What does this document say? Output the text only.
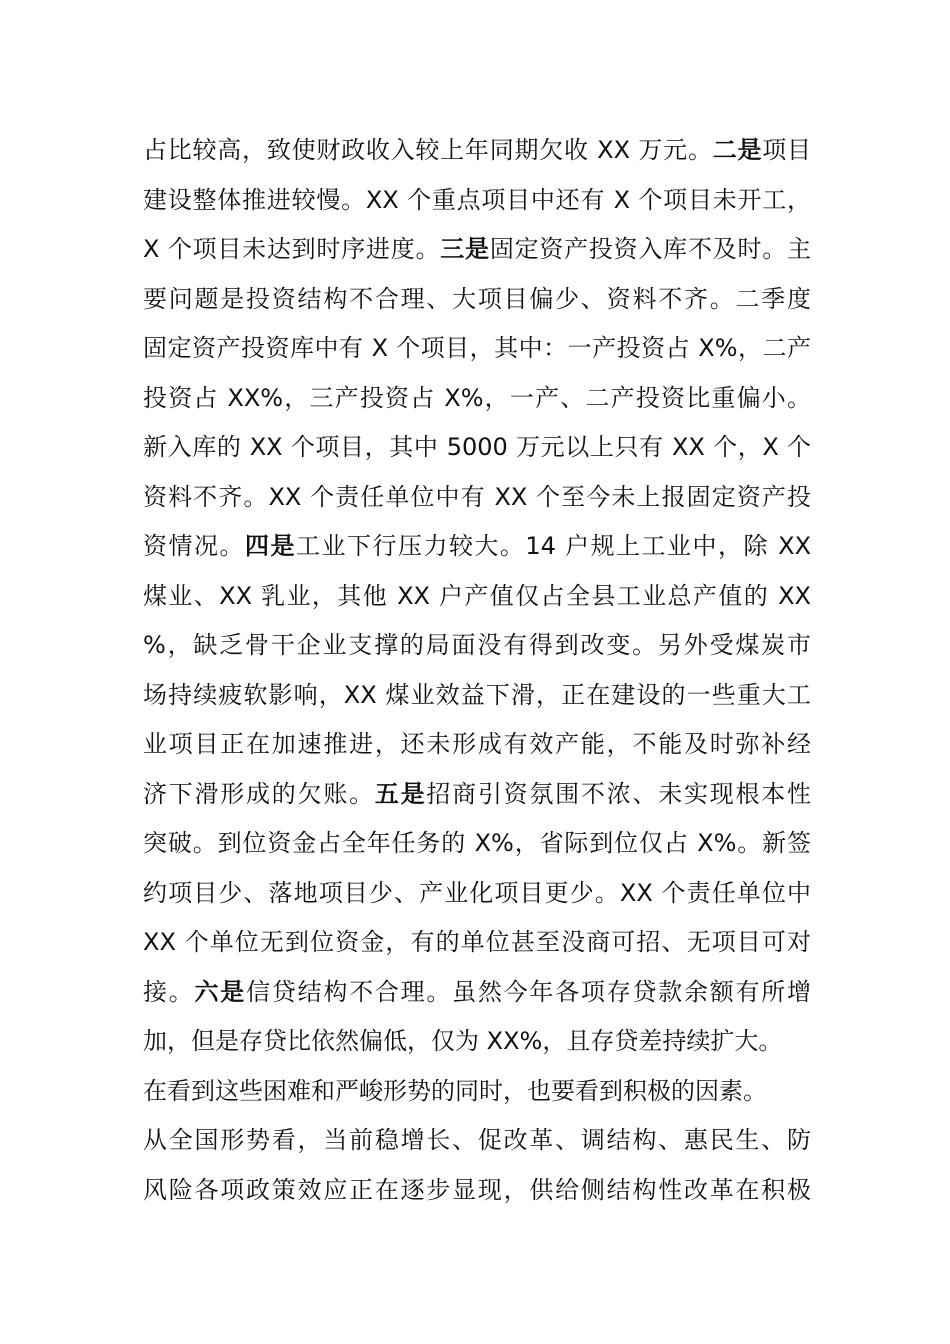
占比较高，致使财政收入较上年同期欠收 XX 万元。二是项目
建设整体推进较慢。XX 个重点项目中还有 X 个项目未开工，
X 个项目未达到时序进度。三是固定资产投资入库不及时。主
要问题是投资结构不合理、大项目偏少、资料不齐。二季度
固定资产投资库中有 X 个项目，其中：一产投资占 X%，二产
投资占 XX%，三产投资占 X%，一产、二产投资比重偏小。
新入库的 XX 个项目，其中 5000 万元以上只有 XX 个，X 个
资料不齐。XX 个责任单位中有 XX 个至今未上报固定资产投
资情况。四是工业下行压力较大。14 户规上工业中，除 XX
煤业、XX 乳业，其他 XX 户产值仅占全县工业总产值的 XX
%，缺乏骨干企业支撑的局面没有得到改变。另外受煤炭市
场持续疲软影响，XX 煤业效益下滑，正在建设的一些重大工
业项目正在加速推进，还未形成有效产能，不能及时弥补经
济下滑形成的欠账。五是招商引资氛围不浓、未实现根本性
突破。到位资金占全年任务的 X%，省际到位仅占 X%。新签
约项目少、落地项目少、产业化项目更少。XX 个责任单位中
XX 个单位无到位资金，有的单位甚至没商可招、无项目可对
接。六是信贷结构不合理。虽然今年各项存贷款余额有所增
加，但是存贷比依然偏低，仅为 XX%，且存贷差持续扩大。
在看到这些困难和严峻形势的同时，也要看到积极的因素。
从全国形势看，当前稳增长、促改革、调结构、惠民生、防
风险各项政策效应正在逐步显现，供给侧结构性改革在积极
